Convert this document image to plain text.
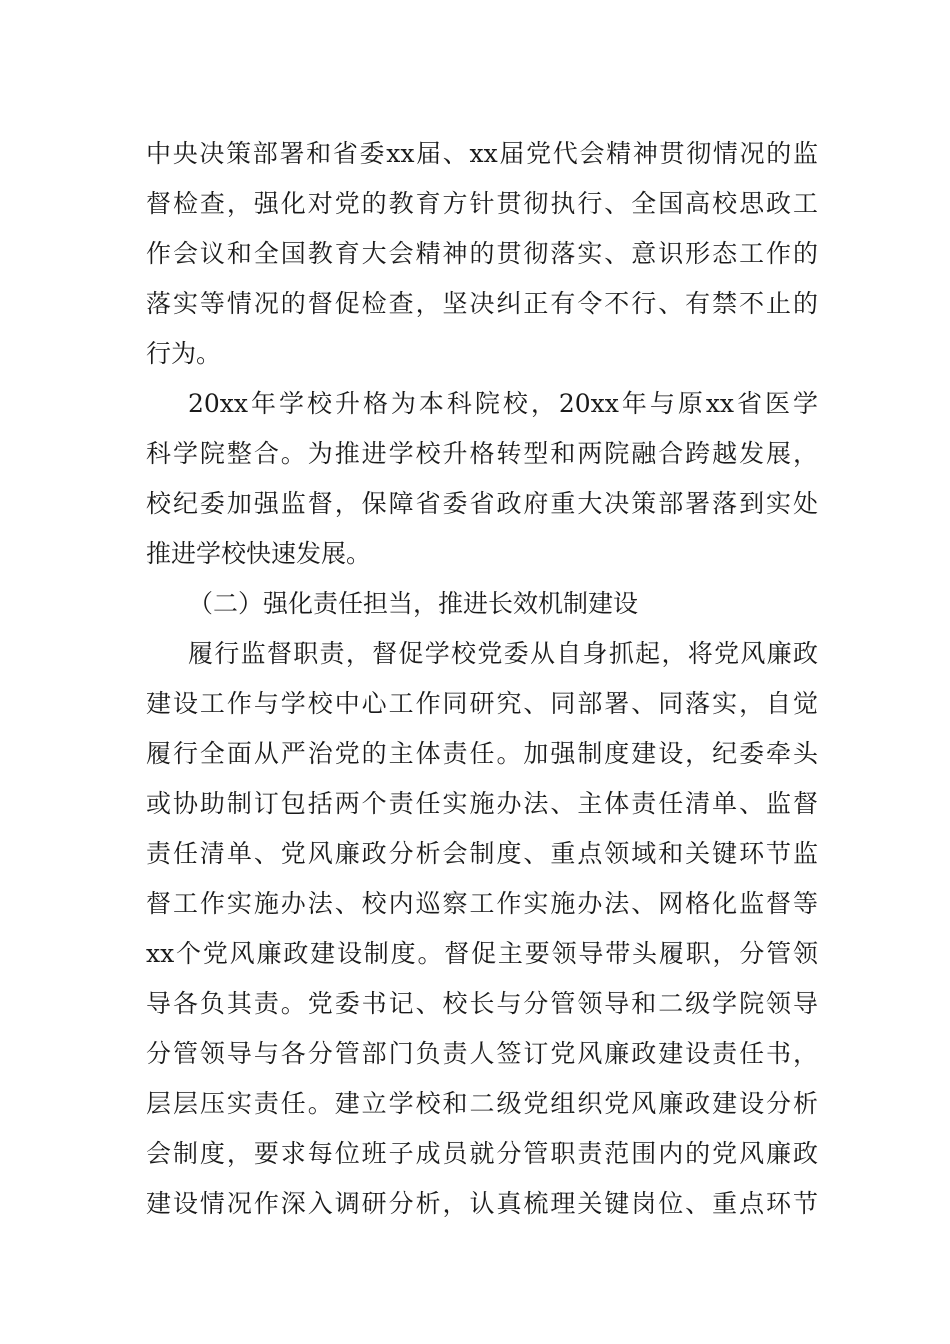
中央决策部署和省委xx届、xx届党代会精神贯彻情况的监
督检查，强化对党的教育方针贯彻执行、全国高校思政工
作会议和全国教育大会精神的贯彻落实、意识形态工作的
落实等情况的督促检查，坚决纠正有令不行、有禁不止的
行为。
20xx年学校升格为本科院校，20xx年与原xx省医学
科学院整合。为推进学校升格转型和两院融合跨越发展，
校纪委加强监督，保障省委省政府重大决策部署落到实处
推进学校快速发展。
（二）强化责任担当，推进长效机制建设
履行监督职责，督促学校党委从自身抓起，将党风廉政
建设工作与学校中心工作同研究、同部署、同落实，自觉
履行全面从严治党的主体责任。加强制度建设，纪委牵头
或协助制订包括两个责任实施办法、主体责任清单、监督
责任清单、党风廉政分析会制度、重点领域和关键环节监
督工作实施办法、校内巡察工作实施办法、网格化监督等
xx个党风廉政建设制度。督促主要领导带头履职，分管领
导各负其责。党委书记、校长与分管领导和二级学院领导
分管领导与各分管部门负责人签订党风廉政建设责任书，
层层压实责任。建立学校和二级党组织党风廉政建设分析
会制度，要求每位班子成员就分管职责范围内的党风廉政
建设情况作深入调研分析，认真梳理关键岗位、重点环节
